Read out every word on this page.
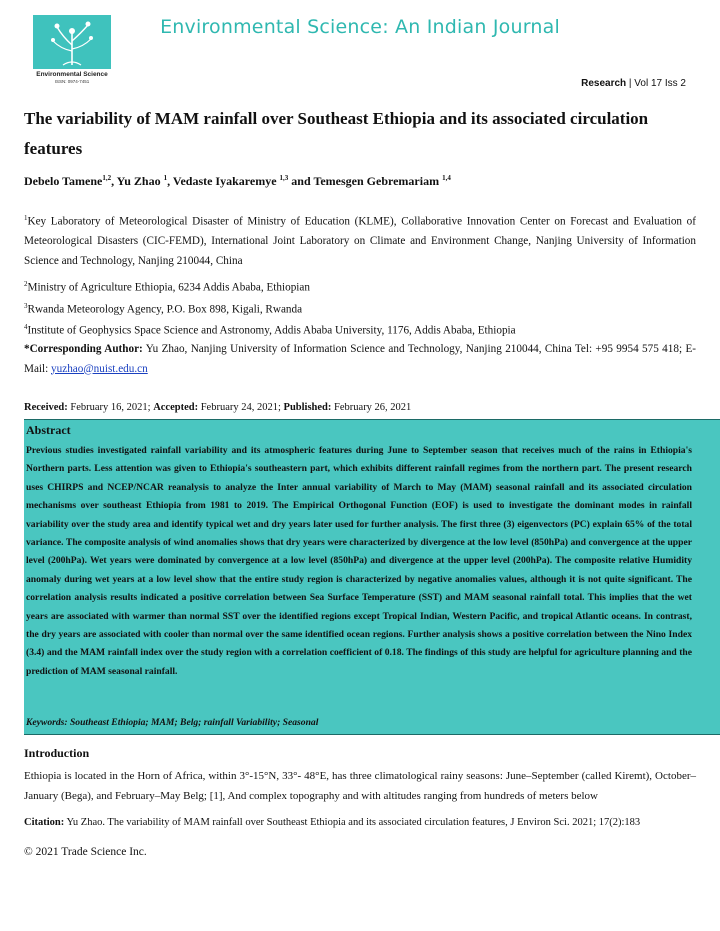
Environmental Science: An Indian Journal
Environmental Science
ISSN: 0974-7451	Research | Vol 17 Iss 2
The variability of MAM rainfall over Southeast Ethiopia and its associated circulation features
Debelo Tamene$^{1,2}$, Yu Zhao $^1$, Vedaste Iyakaremye $^{1,3}$ and Temesgen Gebremariam $^{1,4}$
$^1$Key Laboratory of Meteorological Disaster of Ministry of Education (KLME), Collaborative Innovation Center on Forecast and Evaluation of Meteorological Disasters (CIC-FEMD), International Joint Laboratory on Climate and Environment Change, Nanjing University of Information Science and Technology, Nanjing 210044, China
$^2$Ministry of Agriculture Ethiopia, 6234 Addis Ababa, Ethiopian
$^3$Rwanda Meteorology Agency, P.O. Box 898, Kigali, Rwanda
$^4$Institute of Geophysics Space Science and Astronomy, Addis Ababa University, 1176, Addis Ababa, Ethiopia
*Corresponding Author: Yu Zhao, Nanjing University of Information Science and Technology, Nanjing 210044, China Tel: +95 9954 575 418; E-Mail: yuzhao@nuist.edu.cn
Received: February 16, 2021; Accepted: February 24, 2021; Published: February 26, 2021
Abstract
Previous studies investigated rainfall variability and its atmospheric features during June to September season that receives much of the rains in Ethiopia's Northern parts. Less attention was given to Ethiopia's southeastern part, which exhibits different rainfall regimes from the northern part. The present research uses CHIRPS and NCEP/NCAR reanalysis to analyze the Inter annual variability of March to May (MAM) seasonal rainfall and its associated circulation mechanisms over southeast Ethiopia from 1981 to 2019. The Empirical Orthogonal Function (EOF) is used to investigate the dominant modes in rainfall variability over the study area and identify typical wet and dry years later used for further analysis. The first three (3) eigenvectors (PC) explain 65% of the total variance. The composite analysis of wind anomalies shows that dry years were characterized by divergence at the low level (850hPa) and convergence at the upper level (200hPa). Wet years were dominated by convergence at a low level (850hPa) and divergence at the upper level (200hPa). The composite relative Humidity anomaly during wet years at a low level show that the entire study region is characterized by negative anomalies values, although it is not quite significant. The correlation analysis results indicated a positive correlation between Sea Surface Temperature (SST) and MAM seasonal rainfall total. This implies that the wet years are associated with warmer than normal SST over the identified regions except Tropical Indian, Western Pacific, and tropical Atlantic oceans. In contrast, the dry years are associated with cooler than normal over the same identified ocean regions. Further analysis shows a positive correlation between the Nino Index (3.4) and the MAM rainfall index over the study region with a correlation coefficient of 0.18. The findings of this study are helpful for agriculture planning and the prediction of MAM seasonal rainfall.
Keywords: Southeast Ethiopia; MAM; Belg; rainfall Variability; Seasonal
Introduction
Ethiopia is located in the Horn of Africa, within 3°-15°N, 33°- 48°E, has three climatological rainy seasons: June–September (called Kiremt), October–January (Bega), and February–May Belg; [1], And complex topography and with altitudes ranging from hundreds of meters below
Citation: Yu Zhao. The variability of MAM rainfall over Southeast Ethiopia and its associated circulation features, J Environ Sci. 2021; 17(2):183
© 2021 Trade Science Inc.
